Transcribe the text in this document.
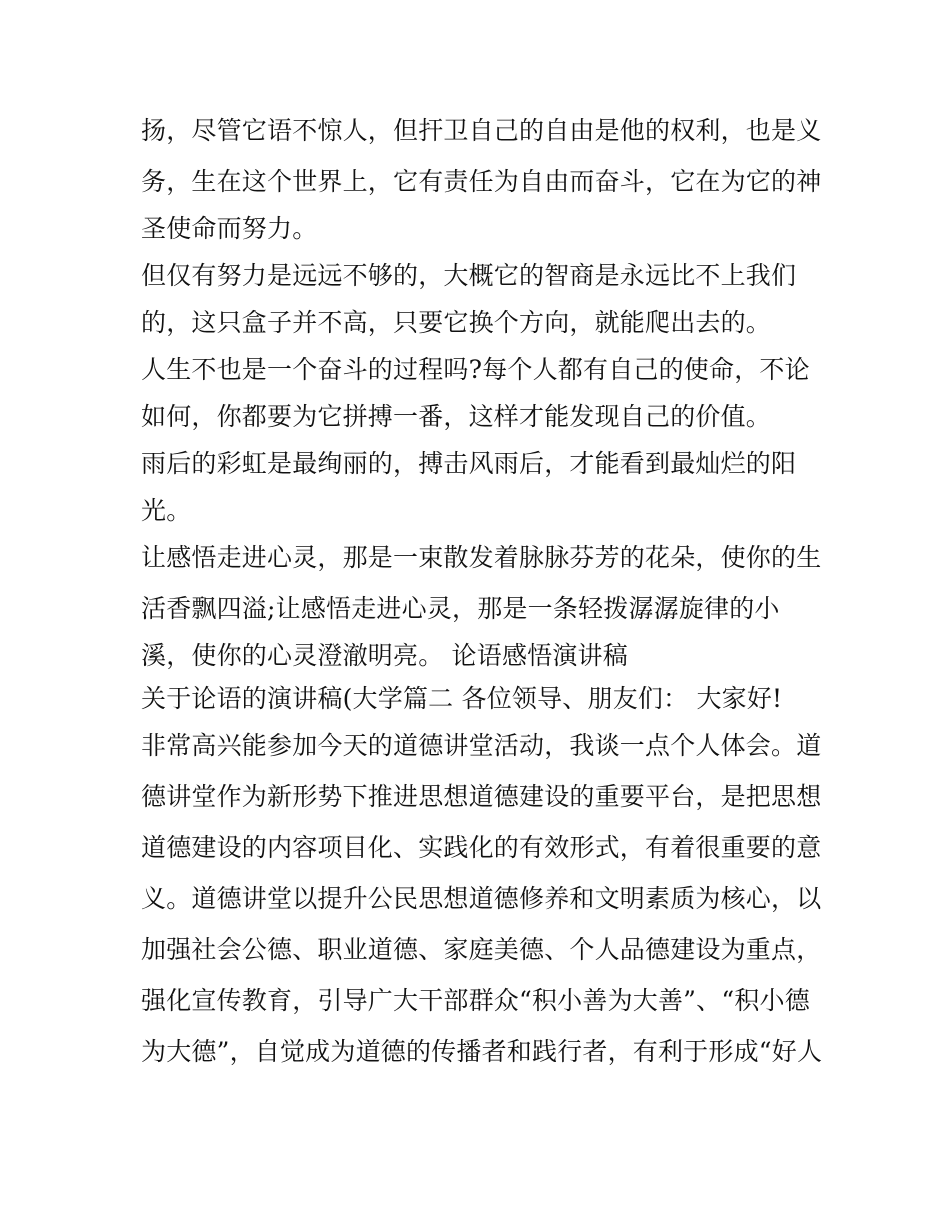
扬，尽管它语不惊人，但扞卫自己的自由是他的权利，也是义
务，生在这个世界上，它有责任为自由而奋斗，它在为它的神
圣使命而努力。
但仅有努力是远远不够的，大概它的智商是永远比不上我们
的，这只盒子并不高，只要它换个方向，就能爬出去的。
人生不也是一个奋斗的过程吗?每个人都有自己的使命，不论
如何，你都要为它拼搏一番，这样才能发现自己的价值。
雨后的彩虹是最绚丽的，搏击风雨后，才能看到最灿烂的阳
光。
让感悟走进心灵，那是一束散发着脉脉芬芳的花朵，使你的生
活香飘四溢;让感悟走进心灵，那是一条轻拨潺潺旋律的小
溪，使你的心灵澄澈明亮。 论语感悟演讲稿
关于论语的演讲稿(大学篇二 各位领导、朋友们： 大家好!
非常高兴能参加今天的道德讲堂活动，我谈一点个人体会。道
德讲堂作为新形势下推进思想道德建设的重要平台，是把思想
道德建设的内容项目化、实践化的有效形式，有着很重要的意
义。道德讲堂以提升公民思想道德修养和文明素质为核心，以
加强社会公德、职业道德、家庭美德、个人品德建设为重点，
强化宣传教育，引导广大干部群众“积小善为大善”、“积小德
为大德”，自觉成为道德的传播者和践行者，有利于形成“好人
